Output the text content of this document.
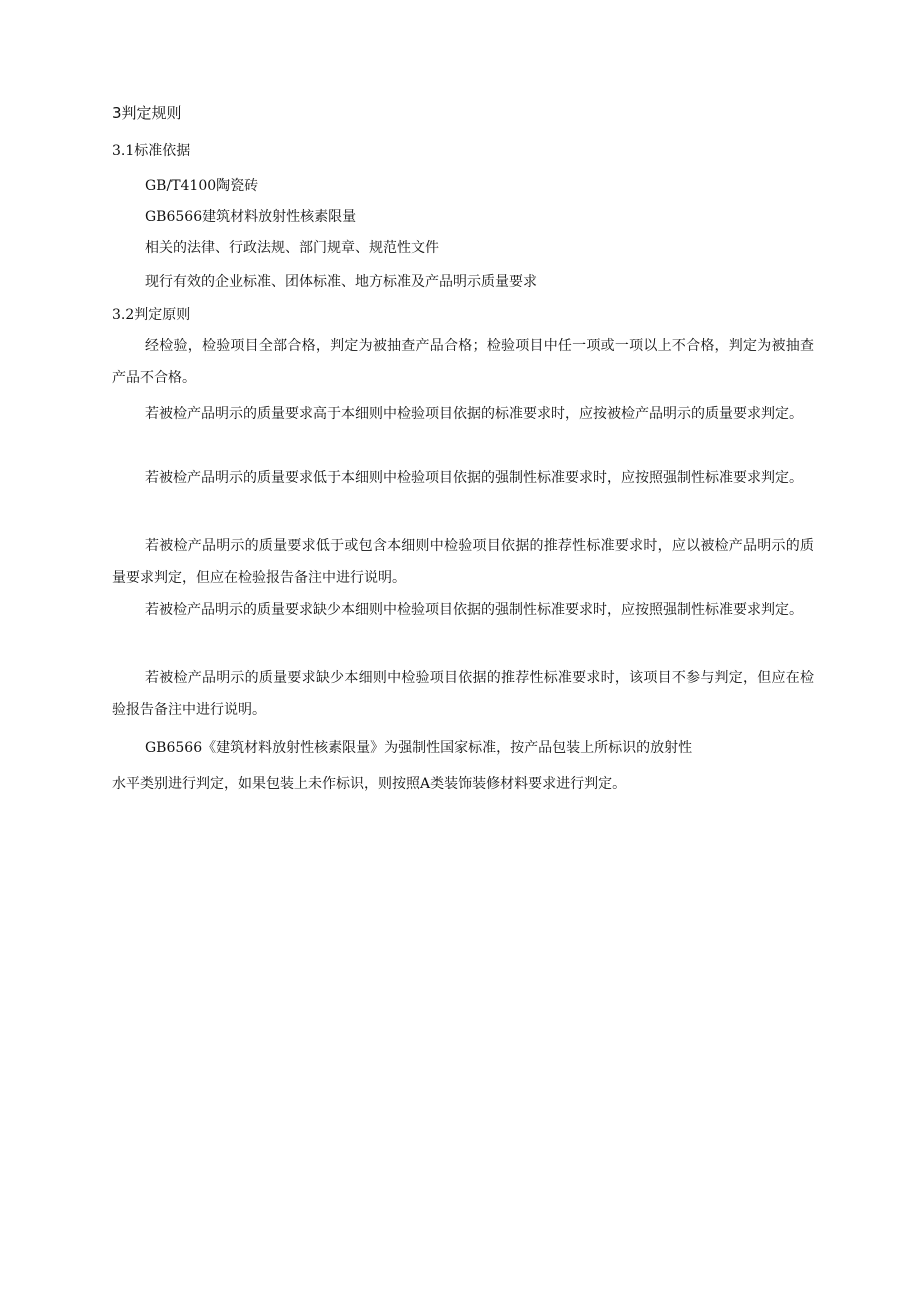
3判定规则
3.1标准依据
GB/T4100陶瓷砖
GB6566建筑材料放射性核素限量
相关的法律、行政法规、部门规章、规范性文件
现行有效的企业标准、团体标准、地方标准及产品明示质量要求
3.2判定原则
经检验，检验项目全部合格，判定为被抽查产品合格；检验项目中任一项或一项以上不合格，判定为被抽查产品不合格。
若被检产品明示的质量要求高于本细则中检验项目依据的标准要求时，应按被检产品明示的质量要求判定。
若被检产品明示的质量要求低于本细则中检验项目依据的强制性标准要求时，应按照强制性标准要求判定。
若被检产品明示的质量要求低于或包含本细则中检验项目依据的推荐性标准要求时，应以被检产品明示的质量要求判定，但应在检验报告备注中进行说明。
若被检产品明示的质量要求缺少本细则中检验项目依据的强制性标准要求时，应按照强制性标准要求判定。
若被检产品明示的质量要求缺少本细则中检验项目依据的推荐性标准要求时，该项目不参与判定，但应在检验报告备注中进行说明。
GB6566《建筑材料放射性核素限量》为强制性国家标准，按产品包装上所标识的放射性
水平类别进行判定，如果包装上未作标识，则按照A类装饰装修材料要求进行判定。
